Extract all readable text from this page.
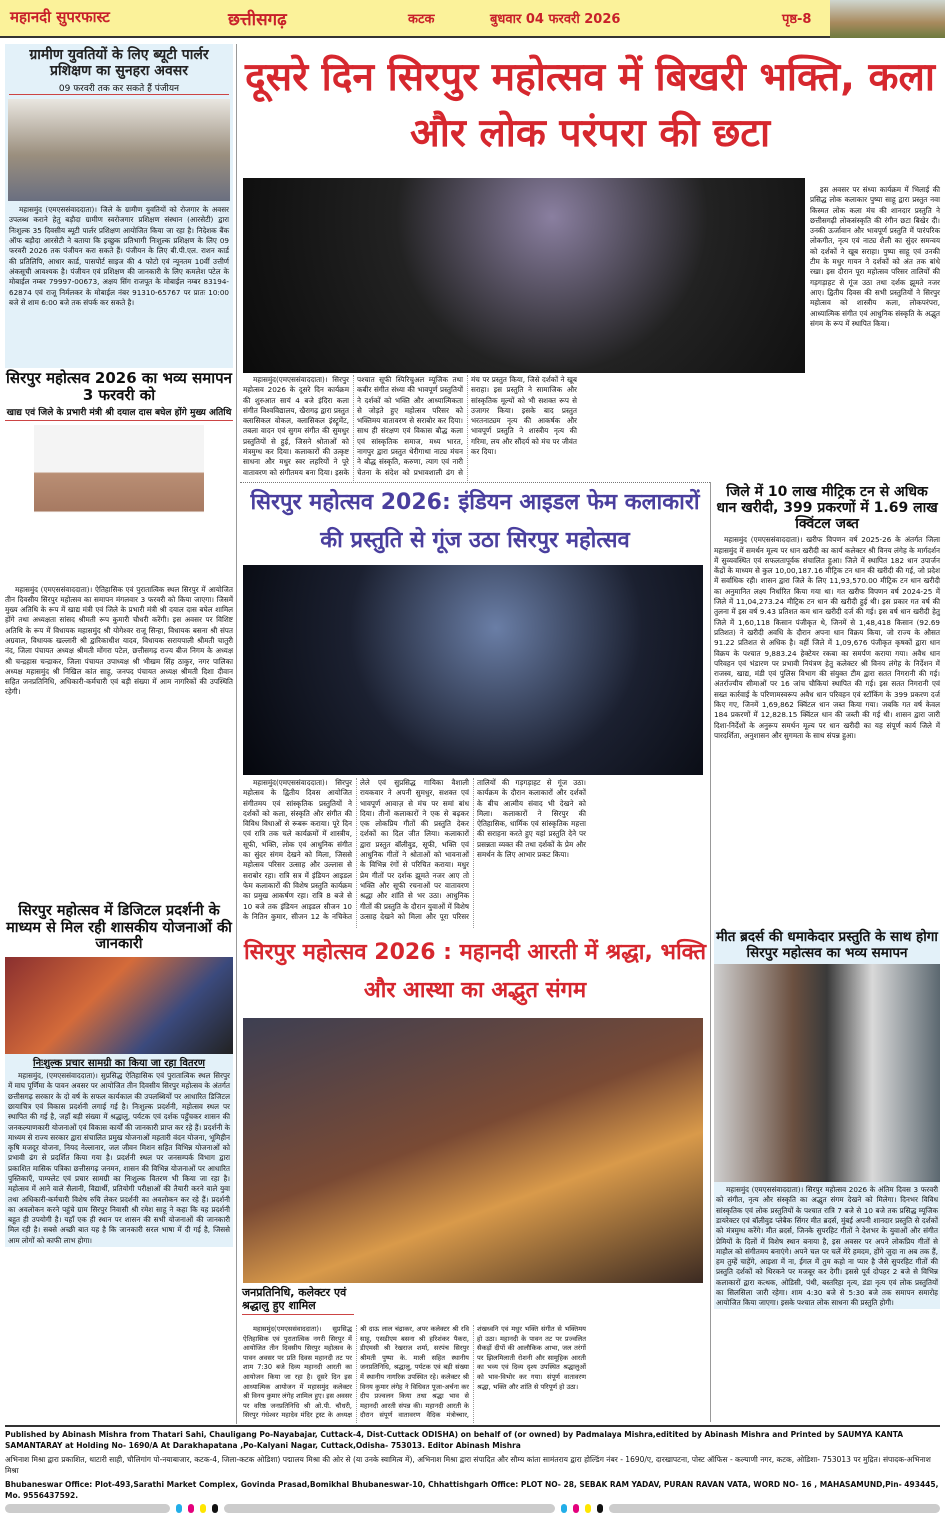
महानदी सुपरफास्ट	छत्तीसगढ़	कटक	बुधवार 04 फरवरी 2026	पृष्ठ-8
ग्रामीण युवतियों के लिए ब्यूटी पार्लर प्रशिक्षण का सुनहरा अवसर
09 फरवरी तक कर सकते हैं पंजीयन
महासमुंद (एमएससंवाददाता)। जिले के ग्रामीण युवतियों को रोजगार के अवसर उपलब्ध कराने हेतु बड़ौदा ग्रामीण स्वरोजगार प्रशिक्षण संस्थान (आरसेटी) द्वारा निःशुल्क 35 दिवसीय ब्यूटी पार्लर प्रशिक्षण आयोजित किया जा रहा है। निदेशक बैंक ऑफ बड़ौदा आरसेटी ने बताया कि इच्छुक प्रतिभागी निःशुल्क प्रशिक्षण के लिए 09 फरवरी 2026 तक पंजीयन करा सकते हैं। पंजीयन के लिए बी.पी.एल. राशन कार्ड की प्रतिलिपि, आधार कार्ड, पासपोर्ट साइज की 4 फोटो एवं न्यूनतम 10वीं उत्तीर्ण अंकसूची आवश्यक है। पंजीयन एवं प्रशिक्षण की जानकारी के लिए कमलेश पटेल के मोबाईल नम्बर 79997-00673, अक्षय सिंग राजपूत के मोबाईल नम्बर 83194-62874 एवं राजू निर्मलकर के मोबाईल नंबर 91310-65767 पर प्रातः 10:00 बजे से शाम 6:00 बजे तक संपर्क कर सकते है।
सिरपुर महोत्सव 2026 का भव्य समापन 3 फरवरी को
खाद्य एवं जिले के प्रभारी मंत्री श्री दयाल दास बघेल होंगे मुख्य अतिथि
महासमुंद (एमएससंवाददाता)। ऐतिहासिक एवं पुरातात्विक स्थल सिरपुर में आयोजित तीन दिवसीय सिरपुर महोत्सव का समापन मंगलवार 3 फरवरी को किया जाएगा। जिसमें मुख्य अतिथि के रूप में खाद्य मंत्री एवं जिले के प्रभारी मंत्री श्री दयाल दास बघेल शामिल होंगे तथा अध्यक्षता सांसद श्रीमती रूप कुमारी चौधरी करेंगी। इस अवसर पर विशिष्ट अतिथि के रूप में विधायक महासमुंद श्री योगेश्वर राजू सिन्हा, विधायक बसना श्री संपत अग्रवाल, विधायक खल्लारी श्री द्वारिकाधीश यादव, विधायक सरायपाली श्रीमती चातुरी नंद, जिला पंचायत अध्यक्ष श्रीमती मोंगरा पटेल, छत्तीसगढ़ राज्य बीज निगम के अध्यक्ष श्री चन्द्रहास चन्द्राकर, जिला पंचायत उपाध्यक्ष श्री भीखम सिंह ठाकुर, नगर पालिका अध्यक्ष महासमुंद श्री निखिल कांत साहू, जनपद पंचायत अध्यक्ष श्रीमती दिशा दीवान सहित जनप्रतिनिधि, अधिकारी-कर्मचारी एवं बड़ी संख्या में आम नागरिकों की उपस्थिति रहेगी।
सिरपुर महोत्सव में डिजिटल प्रदर्शनी के माध्यम से मिल रही शासकीय योजनाओं की जानकारी
निःशुल्क प्रचार सामग्री का किया जा रहा वितरण
महासमुंद, (एमएससंवाददाता)। सुप्रसिद्ध ऐतिहासिक एवं पुरातात्विक स्थल सिरपुर में माघ पूर्णिमा के पावन अवसर पर आयोजित तीन दिवसीय सिरपुर महोत्सव के अंतर्गत छत्तीसगढ़ सरकार के दो वर्ष के सफल कार्यकाल की उपलब्धियों पर आधारित डिजिटल छायाचित्र एवं विकास प्रदर्शनी लगाई गई है। निःशुल्क प्रदर्शनी, महोत्सव स्थल पर स्थापित की गई है, जहाँ बड़ी संख्या में श्रद्धालु, पर्यटक एवं दर्शक पहुँचकर शासन की जनकल्याणकारी योजनाओं एवं विकास कार्यों की जानकारी प्राप्त कर रहे हैं। प्रदर्शनी के माध्यम से राज्य सरकार द्वारा संचालित प्रमुख योजनाओं महतारी वंदन योजना, भूमिहीन कृषि मजदूर योजना, नियद नेल्लानार, जल जीवन मिशन सहित विभिन्न योजनाओं को प्रभावी ढंग से प्रदर्शित किया गया है। प्रदर्शनी स्थल पर जनसम्पर्क विभाग द्वारा प्रकाशित मासिक पत्रिका छत्तीसगढ़ जनमन, शासन की विभिन्न योजनाओं पर आधारित पुस्तिकाएँ, पाम्फ्लेट एवं प्रचार सामग्री का निःशुल्क वितरण भी किया जा रहा है। महोत्सव में आने वाले सैलानी, विद्यार्थी, प्रतियोगी परीक्षाओं की तैयारी करने वाले युवा तथा अधिकारी-कर्मचारी विशेष रुचि लेकर प्रदर्शनी का अवलोकन कर रहे हैं। प्रदर्शनी का अवलोकन करने पहुंचे ग्राम सिरपुर निवासी श्री रमेश साहू ने कहा कि यह प्रदर्शनी बहुत ही उपयोगी है। यहाँ एक ही स्थान पर शासन की सभी योजनाओं की जानकारी मिल रही है। सबसे अच्छी बात यह है कि जानकारी सरल भाषा में दी गई है, जिससे आम लोगों को काफी लाभ होगा।
दूसरे दिन सिरपुर महोत्सव में बिखरी भक्ति, कला और लोक परंपरा की छटा
इस अवसर पर संध्या कार्यक्रम में भिलाई की प्रसिद्ध लोक कलाकार पुष्पा साहू द्वारा प्रस्तुत नवा किस्मत लोक कला मंच की शानदार प्रस्तुति ने छत्तीसगढ़ी लोकसंस्कृति की रंगीन छटा बिखेर दी। उनकी ऊर्जावान और भावपूर्ण प्रस्तुति में पारंपरिक लोकगीत, नृत्य एवं नाट्य शैली का सुंदर समन्वय को दर्शकों ने खूब सराहा। पुष्पा साहू एवं उनकी टीम के मधुर गायन ने दर्शकों को अंत तक बांधे रखा। इस दौरान पूरा महोत्सव परिसर तालियों की गड़गड़ाहट से गूंज उठा तथा दर्शक झूमते नजर आए। द्वितीय दिवस की सभी प्रस्तुतियों ने सिरपुर महोत्सव को शास्त्रीय कला, लोकपरंपरा, आध्यात्मिक संगीत एवं आधुनिक संस्कृति के अद्भुत संगम के रूप में स्थापित किया।
महासमुंद(एमएससंवाददाता)। सिरपुर महोत्सव 2026 के दूसरे दिन कार्यक्रम की शुरुआत सायं 4 बजे इंदिरा कला संगीत विश्वविद्यालय, खैरागढ़ द्वारा प्रस्तुत क्लासिकल वोकल, क्लासिकल इंस्ट्रूमेंट, तबला वादन एवं सुगम संगीत की सुमधुर प्रस्तुतियों से हुई, जिसने श्रोताओं को मंत्रमुग्ध कर दिया। कलाकारों की उत्कृष्ट साधना और मधुर स्वर लहरियों ने पूरे वातावरण को संगीतमय बना दिया। इसके पश्चात सूफी स्पिरिचुअल म्यूजिक तथा कबीर संगीत संध्या की भावपूर्ण प्रस्तुतियों ने दर्शकों को भक्ति और आध्यात्मिकता से जोड़ते हुए महोत्सव परिसर को भक्तिमय वातावरण से सराबोर कर दिया। साथ ही संरक्षण एवं विकास बौद्ध कला एवं सांस्कृतिक समाज, मध्य भारत, नागपुर द्वारा प्रस्तुत थेरीगाथा नाट्य मंचन ने बौद्ध संस्कृति, करुणा, त्याग एवं नारी चेतना के संदेश को प्रभावशाली ढंग से मंच पर प्रस्तुत किया, जिसे दर्शकों ने खूब सराहा। इस प्रस्तुति ने सामाजिक और सांस्कृतिक मूल्यों को भी सशक्त रूप से उजागर किया। इसके बाद प्रस्तुत भरतनाट्यम नृत्य की आकर्षक और भावपूर्ण प्रस्तुति ने शास्त्रीय नृत्य की गरिमा, लय और सौंदर्य को मंच पर जीवंत कर दिया।
सिरपुर महोत्सव 2026: इंडियन आइडल फेम कलाकारों की प्रस्तुति से गूंज उठा सिरपुर महोत्सव
महासमुंद(एमएससंवाददाता)। सिरपुर महोत्सव के द्वितीय दिवस आयोजित संगीतमय एवं सांस्कृतिक प्रस्तुतियों ने दर्शकों को कला, संस्कृति और संगीत की विविध विधाओं से रूबरू कराया। पूरे दिन एवं रात्रि तक चले कार्यक्रमों में शास्त्रीय, सूफी, भक्ति, लोक एवं आधुनिक संगीत का सुंदर संगम देखने को मिला, जिससे महोत्सव परिसर उत्साह और उल्लास से सराबोर रहा। रात्रि सत्र में इंडियन आइडल फेम कलाकारों की विशेष प्रस्तुति कार्यक्रम का प्रमुख आकर्षण रहा। रात्रि 8 बजे से 10 बजे तक इंडियन आइडल सीजन 10 के नितिन कुमार, सीजन 12 के नचिकेत लेले एवं सुप्रसिद्ध गायिका वैशाली रायकवार ने अपनी सुमधुर, सशक्त एवं भावपूर्ण आवाज़ से मंच पर समां बांध दिया। तीनों कलाकारों ने एक से बढ़कर एक लोकप्रिय गीतों की प्रस्तुति देकर दर्शकों का दिल जीत लिया। कलाकारों द्वारा प्रस्तुत बॉलीवुड, सूफी, भक्ति एवं आधुनिक गीतों ने श्रोताओं को भावनाओं के विभिन्न रंगों से परिचित कराया। मधुर प्रेम गीतों पर दर्शक झूमते नजर आए तो भक्ति और सूफी रचनाओं पर वातावरण श्रद्धा और शांति से भर उठा। आधुनिक गीतों की प्रस्तुति के दौरान युवाओं में विशेष उत्साह देखने को मिला और पूरा परिसर तालियों की गड़गड़ाहट से गूंज उठा। कार्यक्रम के दौरान कलाकारों और दर्शकों के बीच आत्मीय संवाद भी देखने को मिला। कलाकारों ने सिरपुर की ऐतिहासिक, धार्मिक एवं सांस्कृतिक महत्ता की सराहना करते हुए यहां प्रस्तुति देने पर प्रसन्नता व्यक्त की तथा दर्शकों के प्रेम और समर्थन के लिए आभार प्रकट किया।
जिले में 10 लाख मीट्रिक टन से अधिक धान खरीदी, 399 प्रकरणों में 1.69 लाख क्विंटल जब्त
महासमुंद (एमएससंवाददाता)। खरीफ विपणन वर्ष 2025-26 के अंतर्गत जिला महासमुंद में समर्थन मूल्य पर धान खरीदी का कार्य कलेक्टर श्री विनय लंगेह के मार्गदर्शन में सुव्यवस्थित एवं सफलतापूर्वक संचालित हुआ। जिले में स्थापित 182 धान उपार्जन केंद्रों के माध्यम से कुल 10,00,187.16 मीट्रिक टन धान की खरीदी की गई, जो प्रदेश में सर्वाधिक रही। शासन द्वारा जिले के लिए 11,93,570.00 मीट्रिक टन धान खरीदी का अनुमानित लक्ष्य निर्धारित किया गया था। गत खरीफ विपणन वर्ष 2024-25 में जिले में 11,04,273.24 मीट्रिक टन धान की खरीदी हुई थी। इस प्रकार गत वर्ष की तुलना में इस वर्ष 9.43 प्रतिशत कम धान खरीदी दर्ज की गई। इस वर्ष धान खरीदी हेतु जिले में 1,60,118 किसान पंजीकृत थे, जिनमें से 1,48,418 किसान (92.69 प्रतिशत) ने खरीदी अवधि के दौरान अपना धान विक्रय किया, जो राज्य के औसत 91.22 प्रतिशत से अधिक है। वहीं जिले में 1,09,676 पंजीकृत कृषकों द्वारा धान विक्रय के पश्चात 9,883.24 हेक्टेयर रकबा का समर्पण कराया गया। अवैध धान परिवहन एवं भंडारण पर प्रभावी नियंत्रण हेतु कलेक्टर श्री विनय लंगेह के निर्देशन में राजस्व, खाद्य, मंडी एवं पुलिस विभाग की संयुक्त टीम द्वारा सतत निगरानी की गई। अंतर्राज्यीय सीमाओं पर 16 जांच चौकियां स्थापित की गई। इस सतत निगरानी एवं सख्त कार्रवाई के परिणामस्वरूप अवैध धान परिवहन एवं स्टॉकिंग के 399 प्रकरण दर्ज किए गए, जिनमें 1,69,862 क्विंटल धान जब्त किया गया। जबकि गत वर्ष केवल 184 प्रकरणों में 12,828.15 क्विंटल धान की जब्ती की गई थी। शासन द्वारा जारी दिशा-निर्देशों के अनुरूप समर्थन मूल्य पर धान खरीदी का यह संपूर्ण कार्य जिले में पारदर्शिता, अनुशासन और सुगमता के साथ संपन्न हुआ।
मीत ब्रदर्स की धमाकेदार प्रस्तुति के साथ होगा सिरपुर महोत्सव का भव्य समापन
महासमुंद (एमएससंवाददाता)। सिरपुर महोत्सव 2026 के अंतिम दिवस 3 फरवरी को संगीत, नृत्य और संस्कृति का अद्भुत संगम देखने को मिलेगा। दिनभर विविध सांस्कृतिक एवं लोक प्रस्तुतियों के पश्चात रात्रि 7 बजे से 10 बजे तक प्रसिद्ध म्यूजिक डायरेक्टर एवं बॉलीवुड प्लेबैक सिंगर मीत ब्रदर्स, मुंबई अपनी शानदार प्रस्तुति से दर्शकों को मंत्रमुग्ध करेंगे। मीत ब्रदर्स, जिनके सुपरहिट गीतों ने देशभर के युवाओं और संगीत प्रेमियों के दिलों में विशेष स्थान बनाया है, इस अवसर पर अपने लोकप्रिय गीतों से माहौल को संगीतमय बनाएंगे। अपने चल पर चलें मेरे हमदम, होंगे जुदा ना अब तक हैं, हम तुम्हें चाहेंगे, आइशा में ना, ईगल में तुम कहो ना प्यार है जैसे सुपरहिट गीतों की प्रस्तुति दर्शकों को थिरकने पर मजबूर कर देगी। इससे पूर्व दोपहर 2 बजे से विभिन्न कलाकारों द्वारा कत्थक, ओडिसी, पंथी, बस्तरिहा नृत्य, डंडा नृत्य एवं लोक प्रस्तुतियों का सिलसिला जारी रहेगा। शाम 4:30 बजे से 5:30 बजे तक समापन समारोह आयोजित किया जाएगा। इसके पश्चात लोक साधना की प्रस्तुति होगी।
सिरपुर महोत्सव 2026 : महानदी आरती में श्रद्धा, भक्ति और आस्था का अद्भुत संगम
जनप्रतिनिधि, कलेक्टर एवं श्रद्धालु हुए शामिल
महासमुंद(एमएससंवाददाता)। सुप्रसिद्ध ऐतिहासिक एवं पुरातात्विक नगरी सिरपुर में आयोजित तीन दिवसीय सिरपुर महोत्सव के पावन अवसर पर प्रति दिवस महानदी तट पर शाम 7:30 बजे दिव्य महानदी आरती का आयोजन किया जा रहा है। दूसरे दिन इस आध्यात्मिक आयोजन में महासमुंद कलेक्टर श्री विनय कुमार लंगेह शामिल हुए। इस अवसर पर वरिष्ठ जनप्रतिनिधि श्री ओ.पी. चौधरी, सिरपुर गंधेश्वर महादेव मंदिर ट्रस्ट के अध्यक्ष श्री दाऊ लाल चंद्राकर, अपर कलेक्टर श्री रवि साहू, एसडीएम बसना श्री हरिशंकर पैकरा, डीएमसी श्री रेखराज शर्मा, सरपंच सिरपुर श्रीमती पुष्पा के. माली सहित स्थानीय जनप्रतिनिधि, श्रद्धालु, पर्यटक एवं बड़ी संख्या में स्थानीय नागरिक उपस्थित रहे। कलेक्टर श्री विनय कुमार लंगेह ने विधिवत पूजा-अर्चना कर दीप प्रज्वलन किया तथा श्रद्धा भाव से महानदी आरती संपन्न की। महानदी आरती के दौरान संपूर्ण वातावरण वैदिक मंत्रोच्चार, शंखध्वनि एवं मधुर भक्ति संगीत से भक्तिमय हो उठा। महानदी के पावन तट पर प्रज्वलित सैकड़ों दीपों की आलौकिक आभा, जल तरंगों पर झिलमिलाती रोशनी और सामूहिक आरती का भव्य एवं दिव्य दृश्य उपस्थित श्रद्धालुओं को भाव-विभोर कर गया। संपूर्ण वातावरण श्रद्धा, भक्ति और शांति से परिपूर्ण हो उठा।
Published by Abinash Mishra from Thatari Sahi, Chauligang Po-Nayabajar, Cuttack-4, Dist-Cuttack ODISHA) on behalf of (or owned) by Padmalaya Mishra,editited by Abinash Mishra and Printed by SAUMYA KANTA SAMANTARAY at Holding No- 1690/A At Darakhapatana ,Po-Kalyani Nagar, Cuttack,Odisha- 753013. Editor Abinash Mishra
अभिनाश मिश्रा द्वारा प्रकाशित, थाटारी साही, चौलिगांग पो-नयाबाजार, कटक-4, जिला-कटक ओडिशा) पद्मालय मिश्रा की ओर से (या उनके स्वामित्व में), अभिनाश मिश्रा द्वारा संपादित और सौम्य कांता सामंतराय द्वारा होल्डिंग नंबर - 1690/ए, दारखापटना, पोस्ट ऑफिस - कल्याणी नगर, कटक, ओडिशा- 753013 पर मुद्रित। संपादक-अभिनाश मिश्रा
Bhubaneswar Office: Plot-493,Sarathi Market Complex, Govinda Prasad,Bomikhal Bhubaneswar-10, Chhattishgarh Office: PLOT NO- 28, SEBAK RAM YADAV, PURAN RAVAN VATA, WORD NO- 16 , MAHASAMUND,Pin- 493445, Mo. 9556437592.
